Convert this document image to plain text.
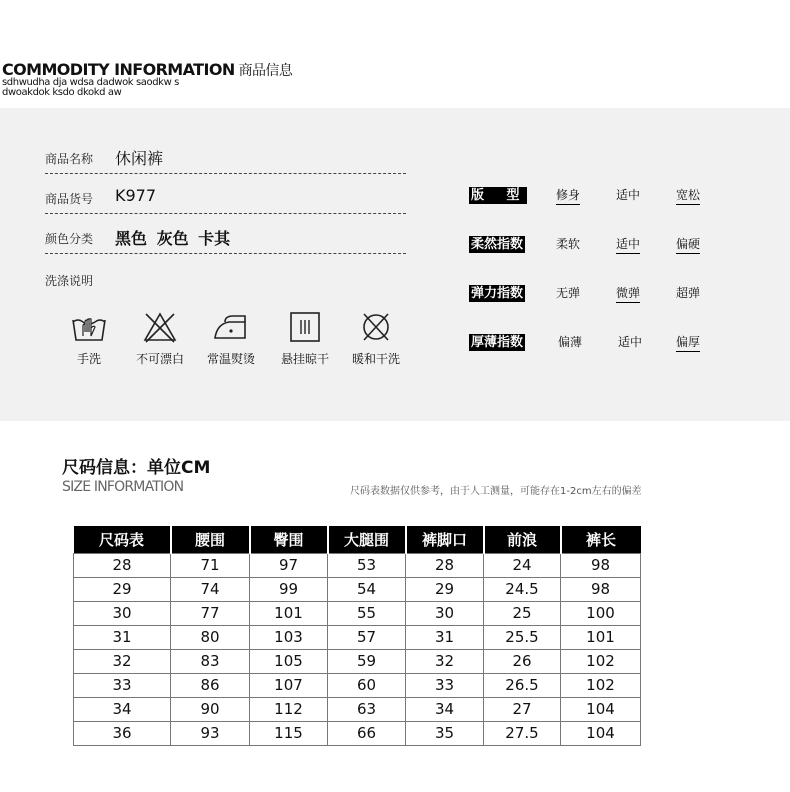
COMMODITY INFORMATION 商品信息
sdhwudha dja wdsa dadwok saodkw s
dwoakdok ksdo dkokd aw
商品名称 休闲裤
商品货号 K977
颜色分类 黑色 灰色 卡其
洗涤说明
手洗	不可漂白	常温熨烫	悬挂晾干	暖和干洗
版 型	修身	适中	宽松
柔然指数	柔软	适中	偏硬
弹力指数	无弹	微弹	超弹
厚薄指数	偏薄	适中	偏厚
尺码信息：单位CM
SIZE INFORMATION	尺码表数据仅供参考，由于人工测量，可能存在1-2cm左右的偏差
尺码表	腰围	臀围	大腿围	裤脚口	前浪	裤长
28	71	97	53	28	24	98
29	74	99	54	29	24.5	98
30	77	101	55	30	25	100
31	80	103	57	31	25.5	101
32	83	105	59	32	26	102
33	86	107	60	33	26.5	102
34	90	112	63	34	27	104
36	93	115	66	35	27.5	104
